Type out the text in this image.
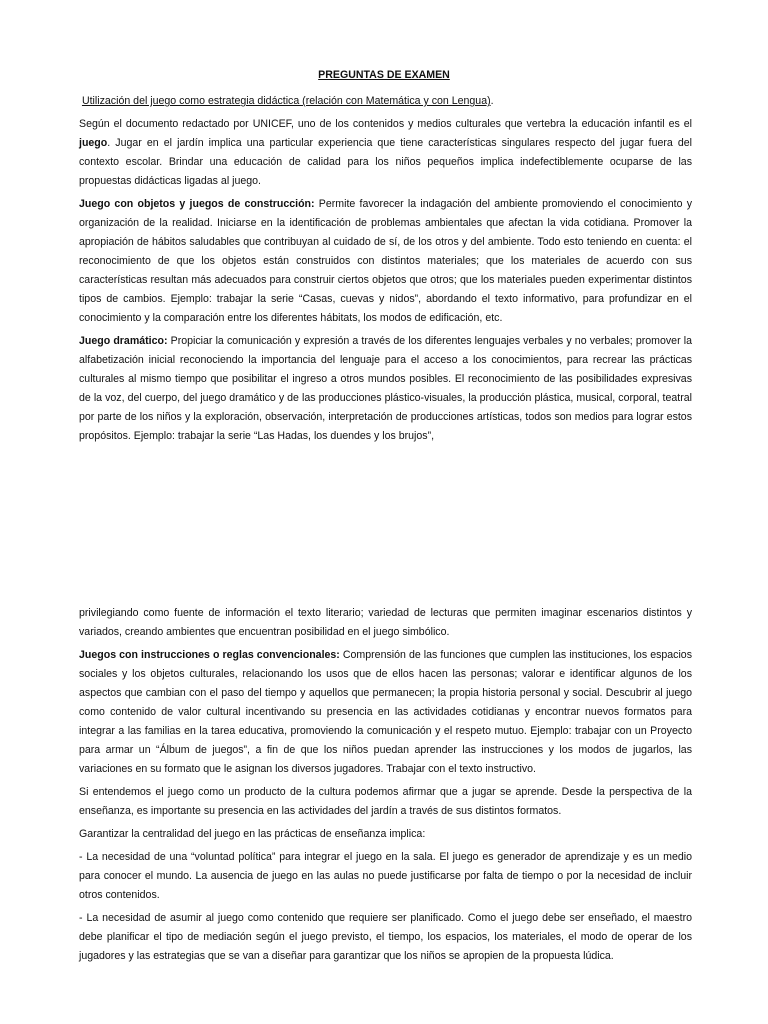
PREGUNTAS DE EXAMEN

Utilización del juego como estrategia didáctica (relación con Matemática y con Lengua).

Según el documento redactado por UNICEF, uno de los contenidos y medios culturales que vertebra la educación infantil es el juego. Jugar en el jardín implica una particular experiencia que tiene características singulares respecto del jugar fuera del contexto escolar. Brindar una educación de calidad para los niños pequeños implica indefectiblemente ocuparse de las propuestas didácticas ligadas al juego.

Juego con objetos y juegos de construcción: Permite favorecer la indagación del ambiente promoviendo el conocimiento y organización de la realidad. Iniciarse en la identificación de problemas ambientales que afectan la vida cotidiana. Promover la apropiación de hábitos saludables que contribuyan al cuidado de sí, de los otros y del ambiente. Todo esto teniendo en cuenta: el reconocimiento de que los objetos están construidos con distintos materiales; que los materiales de acuerdo con sus características resultan más adecuados para construir ciertos objetos que otros; que los materiales pueden experimentar distintos tipos de cambios. Ejemplo: trabajar la serie “Casas, cuevas y nidos”, abordando el texto informativo, para profundizar en el conocimiento y la comparación entre los diferentes hábitats, los modos de edificación, etc.

Juego dramático: Propiciar la comunicación y expresión a través de los diferentes lenguajes verbales y no verbales; promover la alfabetización inicial reconociendo la importancia del lenguaje para el acceso a los conocimientos, para recrear las prácticas culturales al mismo tiempo que posibilitar el ingreso a otros mundos posibles. El reconocimiento de las posibilidades expresivas de la voz, del cuerpo, del juego dramático y de las producciones plástico-visuales, la producción plástica, musical, corporal, teatral por parte de los niños y la exploración, observación, interpretación de producciones artísticas, todos son medios para lograr estos propósitos. Ejemplo: trabajar la serie “Las Hadas, los duendes y los brujos”,

privilegiando como fuente de información el texto literario; variedad de lecturas que permiten imaginar escenarios distintos y variados, creando ambientes que encuentran posibilidad en el juego simbólico.

Juegos con instrucciones o reglas convencionales: Comprensión de las funciones que cumplen las instituciones, los espacios sociales y los objetos culturales, relacionando los usos que de ellos hacen las personas; valorar e identificar algunos de los aspectos que cambian con el paso del tiempo y aquellos que permanecen; la propia historia personal y social. Descubrir al juego como contenido de valor cultural incentivando su presencia en las actividades cotidianas y encontrar nuevos formatos para integrar a las familias en la tarea educativa, promoviendo la comunicación y el respeto mutuo. Ejemplo: trabajar con un Proyecto para armar un “Álbum de juegos”, a fin de que los niños puedan aprender las instrucciones y los modos de jugarlos, las variaciones en su formato que le asignan los diversos jugadores. Trabajar con el texto instructivo.

Si entendemos el juego como un producto de la cultura podemos afirmar que a jugar se aprende. Desde la perspectiva de la enseñanza, es importante su presencia en las actividades del jardín a través de sus distintos formatos.

Garantizar la centralidad del juego en las prácticas de enseñanza implica:

- La necesidad de una “voluntad política” para integrar el juego en la sala. El juego es generador de aprendizaje y es un medio para conocer el mundo. La ausencia de juego en las aulas no puede justificarse por falta de tiempo o por la necesidad de incluir otros contenidos.

- La necesidad de asumir al juego como contenido que requiere ser planificado. Como el juego debe ser enseñado, el maestro debe planificar el tipo de mediación según el juego previsto, el tiempo, los espacios, los materiales, el modo de operar de los jugadores y las estrategias que se van a diseñar para garantizar que los niños se apropien de la propuesta lúdica.
